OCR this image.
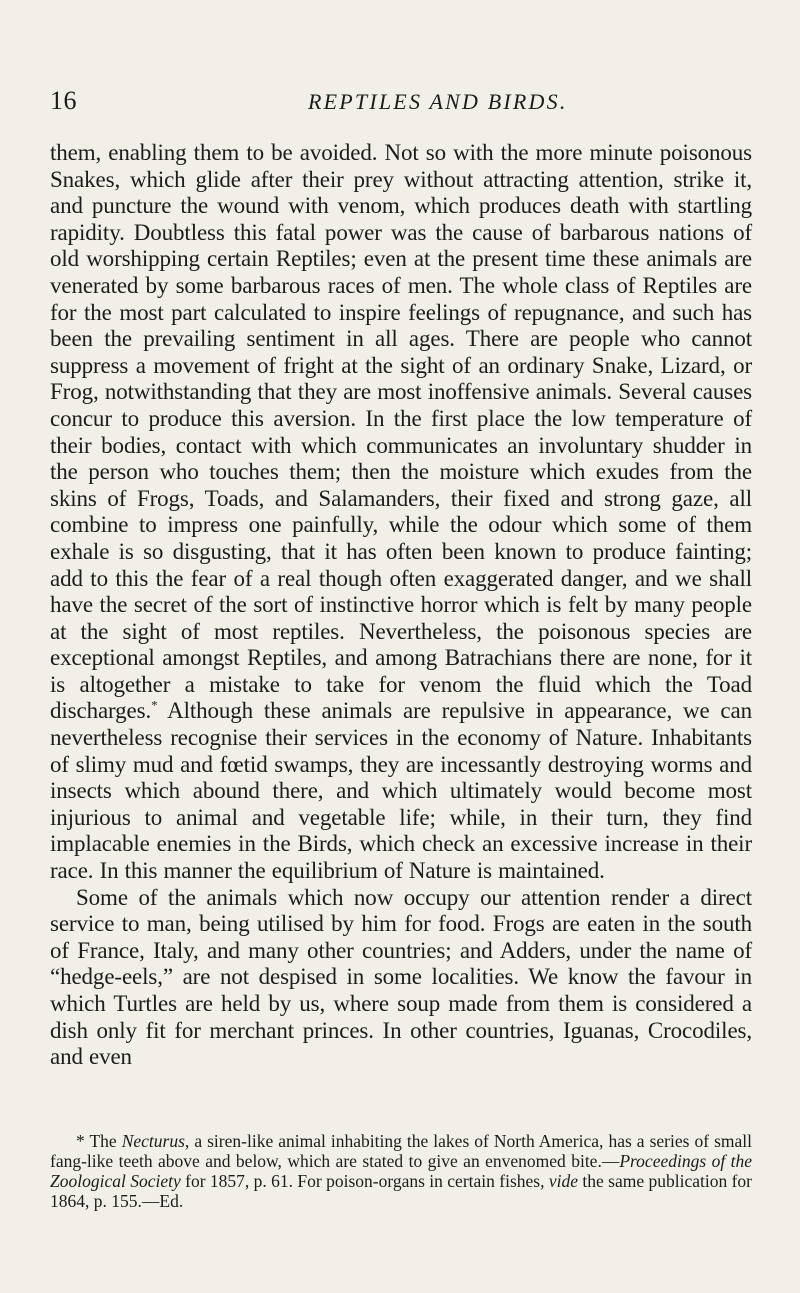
16	REPTILES AND BIRDS.

them, enabling them to be avoided. Not so with the more minute poisonous Snakes, which glide after their prey without attracting attention, strike it, and puncture the wound with venom, which produces death with startling rapidity. Doubtless this fatal power was the cause of barbarous nations of old worshipping certain Reptiles; even at the present time these animals are venerated by some barbarous races of men. The whole class of Reptiles are for the most part calculated to inspire feelings of repugnance, and such has been the prevailing sentiment in all ages. There are people who cannot suppress a movement of fright at the sight of an ordinary Snake, Lizard, or Frog, notwithstanding that they are most inoffensive animals. Several causes concur to produce this aversion. In the first place the low temperature of their bodies, contact with which communicates an involuntary shudder in the person who touches them; then the moisture which exudes from the skins of Frogs, Toads, and Salamanders, their fixed and strong gaze, all combine to impress one painfully, while the odour which some of them exhale is so disgusting, that it has often been known to produce fainting; add to this the fear of a real though often exaggerated danger, and we shall have the secret of the sort of instinctive horror which is felt by many people at the sight of most reptiles. Nevertheless, the poisonous species are exceptional amongst Reptiles, and among Batrachians there are none, for it is altogether a mistake to take for venom the fluid which the Toad discharges.* Although these animals are repulsive in appearance, we can nevertheless recognise their services in the economy of Nature. Inhabitants of slimy mud and fœtid swamps, they are incessantly destroying worms and insects which abound there, and which ultimately would become most injurious to animal and vegetable life; while, in their turn, they find implacable enemies in the Birds, which check an excessive increase in their race. In this manner the equilibrium of Nature is maintained.

Some of the animals which now occupy our attention render a direct service to man, being utilised by him for food. Frogs are eaten in the south of France, Italy, and many other countries; and Adders, under the name of “hedge-eels,” are not despised in some localities. We know the favour in which Turtles are held by us, where soup made from them is considered a dish only fit for merchant princes. In other countries, Iguanas, Crocodiles, and even

* The Necturus, a siren-like animal inhabiting the lakes of North America, has a series of small fang-like teeth above and below, which are stated to give an envenomed bite.—Proceedings of the Zoological Society for 1857, p. 61. For poison-organs in certain fishes, vide the same publication for 1864, p. 155.—Ed.
